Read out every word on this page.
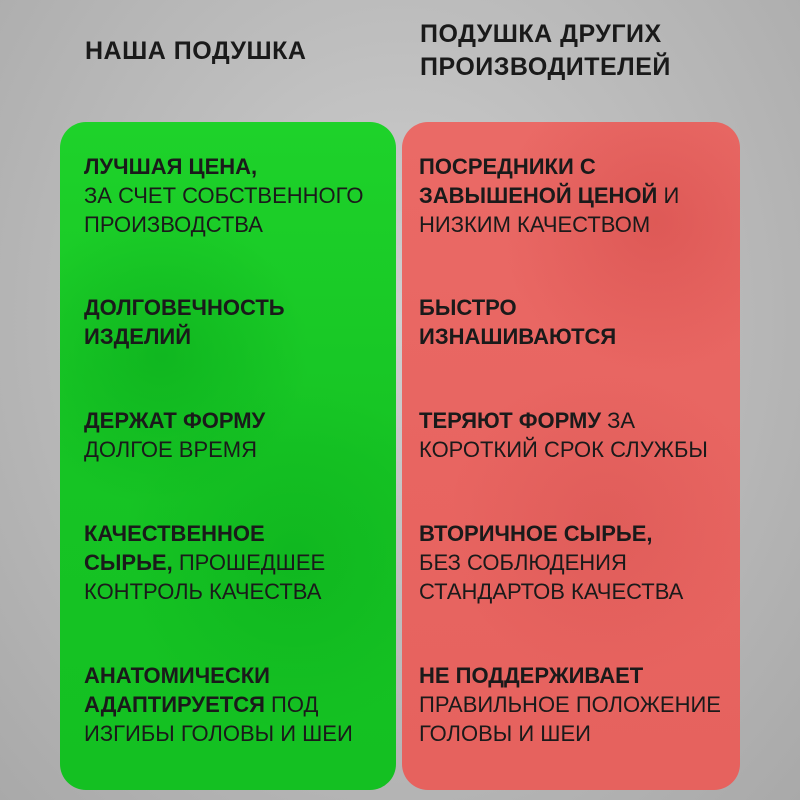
НАША ПОДУШКА
ПОДУШКА ДРУГИХ
ПРОИЗВОДИТЕЛЕЙ
ЛУЧШАЯ ЦЕНА,
ЗА СЧЕТ СОБСТВЕННОГО
ПРОИЗВОДСТВА
ДОЛГОВЕЧНОСТЬ
ИЗДЕЛИЙ
ДЕРЖАТ ФОРМУ
ДОЛГОЕ ВРЕМЯ
КАЧЕСТВЕННОЕ
СЫРЬЕ, ПРОШЕДШЕЕ
КОНТРОЛЬ КАЧЕСТВА
АНАТОМИЧЕСКИ
АДАПТИРУЕТСЯ ПОД
ИЗГИБЫ ГОЛОВЫ И ШЕИ
ПОСРЕДНИКИ С
ЗАВЫШЕНОЙ ЦЕНОЙ И
НИЗКИМ КАЧЕСТВОМ
БЫСТРО
ИЗНАШИВАЮТСЯ
ТЕРЯЮТ ФОРМУ ЗА
КОРОТКИЙ СРОК СЛУЖБЫ
ВТОРИЧНОЕ СЫРЬЕ,
БЕЗ СОБЛЮДЕНИЯ
СТАНДАРТОВ КАЧЕСТВА
НЕ ПОДДЕРЖИВАЕТ
ПРАВИЛЬНОЕ ПОЛОЖЕНИЕ
ГОЛОВЫ И ШЕИ
